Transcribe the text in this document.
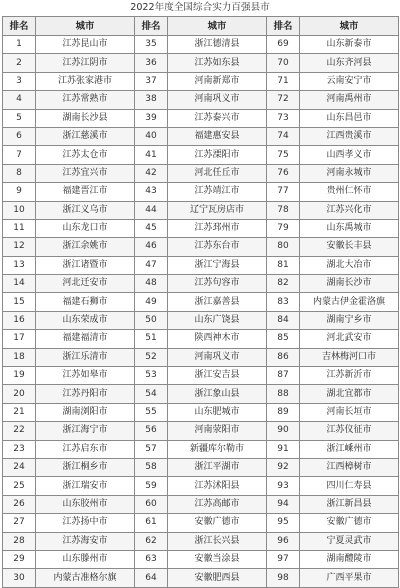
2022年度全国综合实力百强县市
排名	城市	排名	城市	排名	城市
1	江苏昆山市	35	浙江德清县	69	山东新泰市
2	江苏江阴市	36	江苏如东县	70	山东齐河县
3	江苏张家港市	37	河南新郑市	71	云南安宁市
4	江苏常熟市	38	河南巩义市	72	河南禹州市
5	湖南长沙县	39	江苏泰兴市	73	山东昌邑市
6	浙江慈溪市	40	福建惠安县	74	江西贵溪市
7	江苏太仓市	41	江苏溧阳市	75	山西孝义市
8	江苏宜兴市	42	河北任丘市	76	河南永城市
9	福建晋江市	43	江苏靖江市	77	贵州仁怀市
10	浙江义乌市	44	辽宁瓦房店市	78	江苏兴化市
11	山东龙口市	45	江苏邳州市	79	山东禹城市
12	浙江余姚市	46	江苏东台市	80	安徽长丰县
13	浙江诸暨市	47	浙江宁海县	81	湖北大冶市
14	河北迁安市	48	江苏句容市	82	湖南长沙市
15	福建石狮市	49	浙江嘉善县	83	内蒙古伊金霍洛旗
16	山东荣成市	50	山东广饶县	84	湖南宁乡市
17	福建福清市	51	陕西神木市	85	河北武安市
18	浙江乐清市	52	河南巩义市	86	吉林梅河口市
19	江苏如皋市	53	浙江安吉县	87	江苏新沂市
20	江苏丹阳市	54	浙江象山县	88	湖北宜都市
21	湖南浏阳市	55	山东肥城市	89	河南长垣市
22	浙江海宁市	56	河南荥阳市	90	江苏仪征市
23	江苏启东市	57	新疆库尔勒市	91	浙江嵊州市
24	浙江桐乡市	58	浙江平湖市	92	江西樟树市
25	浙江瑞安市	59	江苏沭阳县	93	四川仁寿县
26	山东胶州市	60	江苏高邮市	94	浙江新昌县
27	江苏扬中市	61	安徽广德市	95	安徽广德市
28	江苏海安市	62	浙江长兴县	96	宁夏灵武市
29	山东滕州市	63	安徽当涂县	97	湖南醴陵市
30	内蒙古准格尔旗	64	安徽肥西县	98	广西平果市
